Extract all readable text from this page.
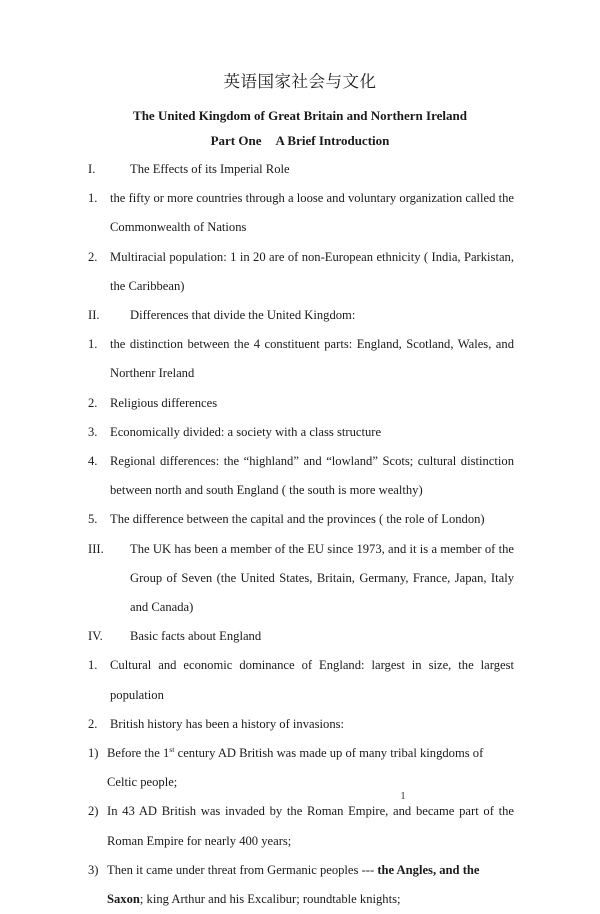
英语国家社会与文化
The United Kingdom of Great Britain and Northern Ireland
Part One A Brief Introduction
I.	The Effects of its Imperial Role
1. the fifty or more countries through a loose and voluntary organization called the Commonwealth of Nations
2. Multiracial population: 1 in 20 are of non-European ethnicity ( India, Parkistan, the Caribbean)
II.	Differences that divide the United Kingdom:
1. the distinction between the 4 constituent parts: England, Scotland, Wales, and Northenr Ireland
2. Religious differences
3. Economically divided: a society with a class structure
4. Regional differences: the “highland” and “lowland” Scots; cultural distinction between north and south England ( the south is more wealthy)
5. The difference between the capital and the provinces ( the role of London)
III.	The UK has been a member of the EU since 1973, and it is a member of the Group of Seven (the United States, Britain, Germany, France, Japan, Italy and Canada)
IV.	Basic facts about England
1. Cultural and economic dominance of England: largest in size, the largest population
2. British history has been a history of invasions:
1) Before the 1st century AD British was made up of many tribal kingdoms of Celtic people;
2) In 43 AD British was invaded by the Roman Empire, and became part of the Roman Empire for nearly 400 years;
3) Then it came under threat from Germanic peoples --- the Angles, and the Saxon; king Arthur and his Excalibur; roundtable knights;
1
